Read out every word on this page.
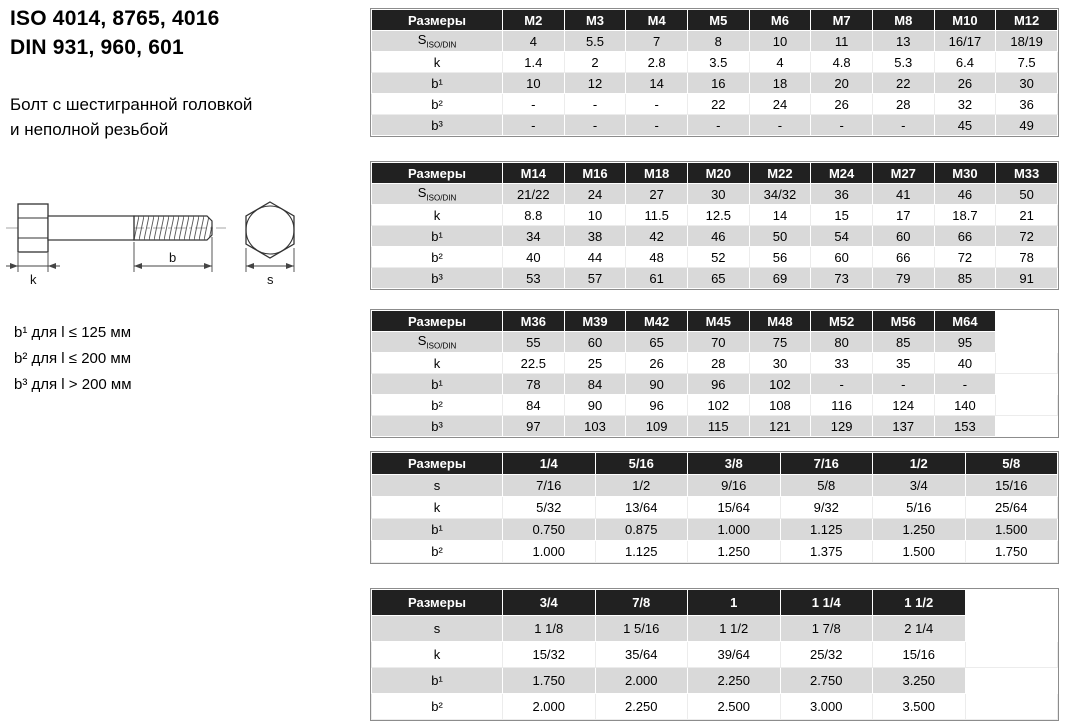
ISO 4014, 8765, 4016
DIN 931, 960, 601
Болт с шестигранной головкой
и неполной резьбой
k
b
s
b¹ для l ≤ 125 мм
b² для l ≤ 200 мм
b³ для l > 200 мм
Размеры	M2	M3	M4	M5	M6	M7	M8	M10	M12
$S_{ISO/DIN}$	4	5.5	7	8	10	11	13	16/17	18/19
k	1.4	2	2.8	3.5	4	4.8	5.3	6.4	7.5
b¹	10	12	14	16	18	20	22	26	30
b²	-	-	-	22	24	26	28	32	36
b³	-	-	-	-	-	-	-	45	49
Размеры	M14	M16	M18	M20	M22	M24	M27	M30	M33
$S_{ISO/DIN}$	21/22	24	27	30	34/32	36	41	46	50
k	8.8	10	11.5	12.5	14	15	17	18.7	21
b¹	34	38	42	46	50	54	60	66	72
b²	40	44	48	52	56	60	66	72	78
b³	53	57	61	65	69	73	79	85	91
Размеры	M36	M39	M42	M45	M48	M52	M56	M64	
$S_{ISO/DIN}$	55	60	65	70	75	80	85	95	
k	22.5	25	26	28	30	33	35	40	
b¹	78	84	90	96	102	-	-	-	
b²	84	90	96	102	108	116	124	140	
b³	97	103	109	115	121	129	137	153	
Размеры	1/4	5/16	3/8	7/16	1/2	5/8
s	7/16	1/2	9/16	5/8	3/4	15/16
k	5/32	13/64	15/64	9/32	5/16	25/64
b¹	0.750	0.875	1.000	1.125	1.250	1.500
b²	1.000	1.125	1.250	1.375	1.500	1.750
Размеры	3/4	7/8	1	1 1/4	1 1/2	
s	1 1/8	1 5/16	1 1/2	1 7/8	2 1/4	
k	15/32	35/64	39/64	25/32	15/16	
b¹	1.750	2.000	2.250	2.750	3.250	
b²	2.000	2.250	2.500	3.000	3.500	
